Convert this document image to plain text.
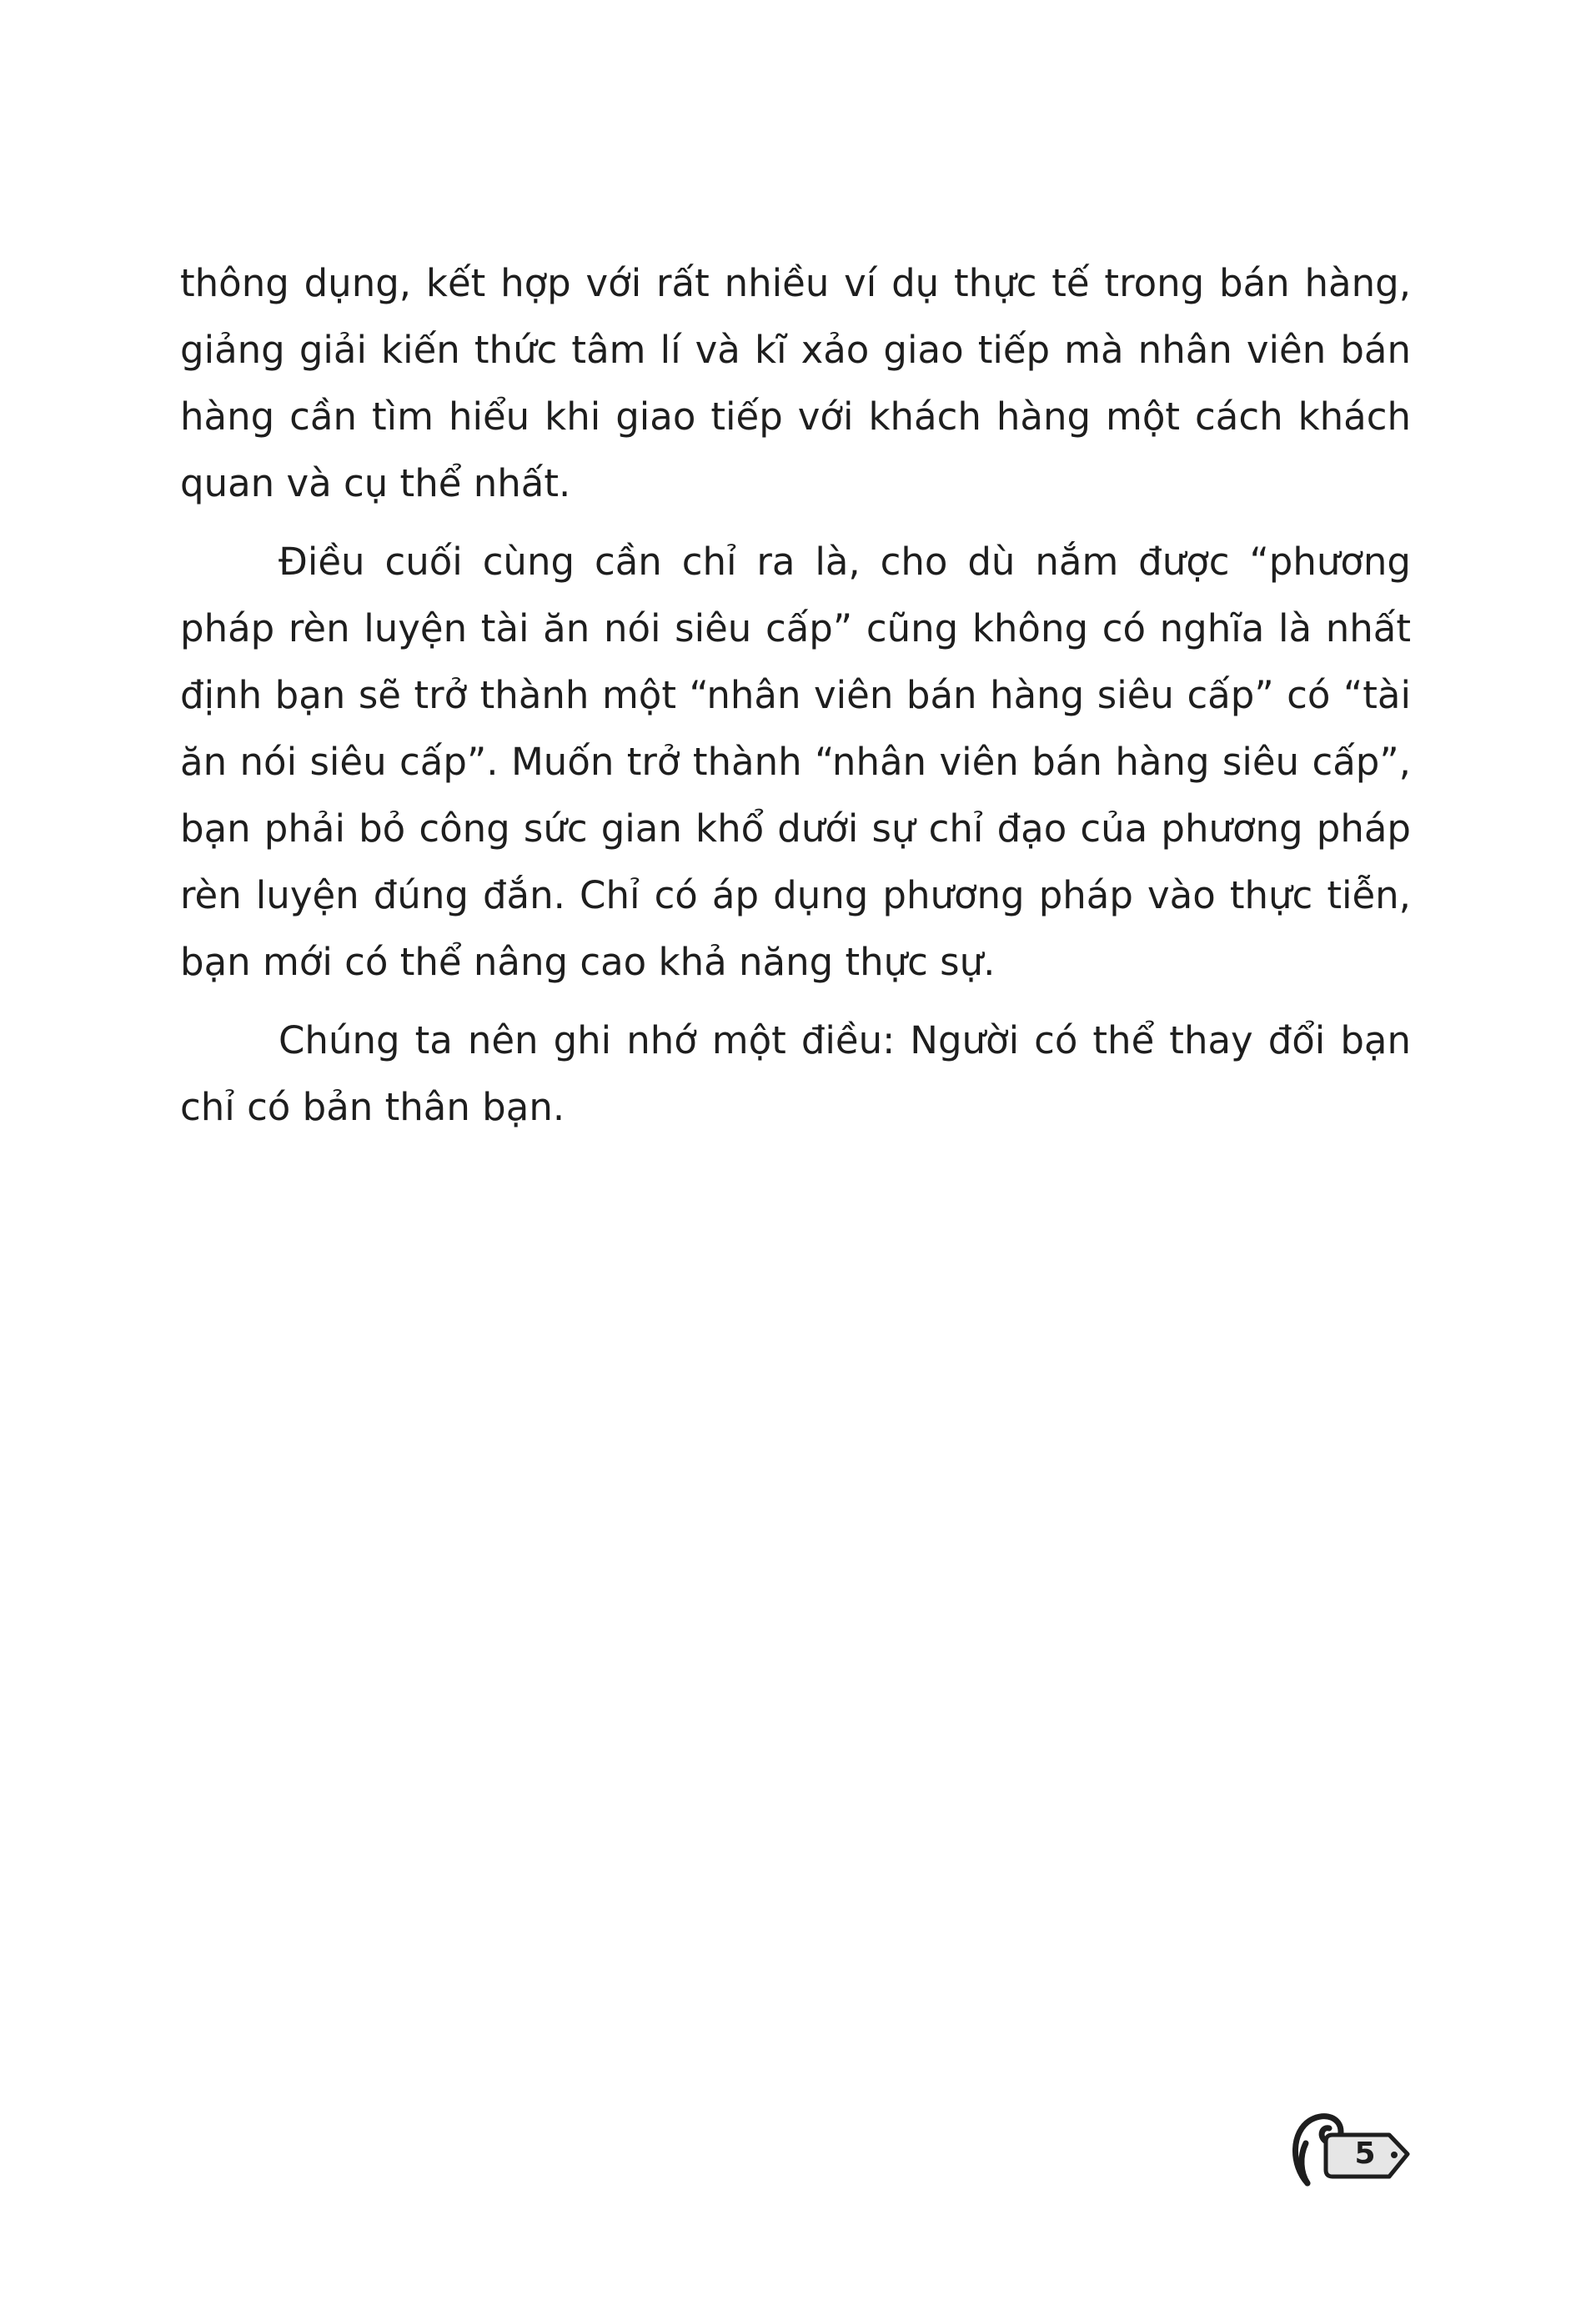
thông dụng, kết hợp với rất nhiều ví dụ thực tế trong bán hàng, giảng giải kiến thức tâm lí và kĩ xảo giao tiếp mà nhân viên bán hàng cần tìm hiểu khi giao tiếp với khách hàng một cách khách quan và cụ thể nhất.

Điều cuối cùng cần chỉ ra là, cho dù nắm được “phương pháp rèn luyện tài ăn nói siêu cấp” cũng không có nghĩa là nhất định bạn sẽ trở thành một “nhân viên bán hàng siêu cấp” có “tài ăn nói siêu cấp”. Muốn trở thành “nhân viên bán hàng siêu cấp”, bạn phải bỏ công sức gian khổ dưới sự chỉ đạo của phương pháp rèn luyện đúng đắn. Chỉ có áp dụng phương pháp vào thực tiễn, bạn mới có thể nâng cao khả năng thực sự.

Chúng ta nên ghi nhớ một điều: Người có thể thay đổi bạn chỉ có bản thân bạn.

5
